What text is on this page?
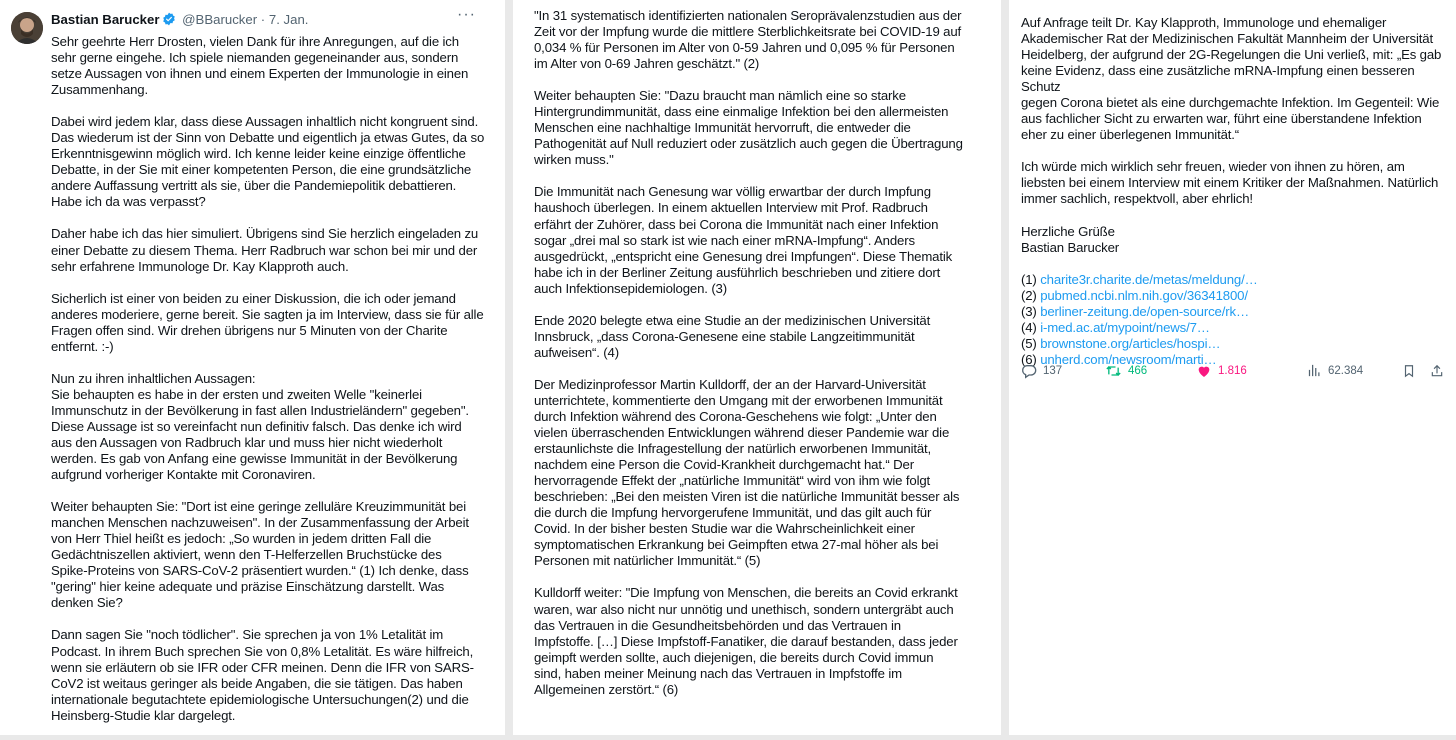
Bastian Barucker @BBarucker · 7. Jan.	···

Sehr geehrte Herr Drosten, vielen Dank für ihre Anregungen, auf die ich
sehr gerne eingehe. Ich spiele niemanden gegeneinander aus, sondern
setze Aussagen von ihnen und einem Experten der Immunologie in einen
Zusammenhang.

Dabei wird jedem klar, dass diese Aussagen inhaltlich nicht kongruent sind.
Das wiederum ist der Sinn von Debatte und eigentlich ja etwas Gutes, da so
Erkenntnisgewinn möglich wird. Ich kenne leider keine einzige öffentliche
Debatte, in der Sie mit einer kompetenten Person, die eine grundsätzliche
andere Auffassung vertritt als sie, über die Pandemiepolitik debattieren.
Habe ich da was verpasst?

Daher habe ich das hier simuliert. Übrigens sind Sie herzlich eingeladen zu
einer Debatte zu diesem Thema. Herr Radbruch war schon bei mir und der
sehr erfahrene Immunologe Dr. Kay Klapproth auch.

Sicherlich ist einer von beiden zu einer Diskussion, die ich oder jemand
anderes moderiere, gerne bereit. Sie sagten ja im Interview, dass sie für alle
Fragen offen sind. Wir drehen übrigens nur 5 Minuten von der Charite
entfernt. :-)

Nun zu ihren inhaltlichen Aussagen:
Sie behaupten es habe in der ersten und zweiten Welle "keinerlei
Immunschutz in der Bevölkerung in fast allen Industrieländern" gegeben".
Diese Aussage ist so vereinfacht nun definitiv falsch. Das denke ich wird
aus den Aussagen von Radbruch klar und muss hier nicht wiederholt
werden. Es gab von Anfang eine gewisse Immunität in der Bevölkerung
aufgrund vorheriger Kontakte mit Coronaviren.

Weiter behaupten Sie: "Dort ist eine geringe zelluläre Kreuzimmunität bei
manchen Menschen nachzuweisen". In der Zusammenfassung der Arbeit
von Herr Thiel heißt es jedoch: „So wurden in jedem dritten Fall die
Gedächtniszellen aktiviert, wenn den T-Helferzellen Bruchstücke des
Spike-Proteins von SARS-CoV-2 präsentiert wurden.“ (1) Ich denke, dass
"gering" hier keine adequate und präzise Einschätzung darstellt. Was
denken Sie?

Dann sagen Sie "noch tödlicher". Sie sprechen ja von 1% Letalität im
Podcast. In ihrem Buch sprechen Sie von 0,8% Letalität. Es wäre hilfreich,
wenn sie erläutern ob sie IFR oder CFR meinen. Denn die IFR von SARS-
CoV2 ist weitaus geringer als beide Angaben, die sie tätigen. Das haben
internationale begutachtete epidemiologische Untersuchungen(2) und die
Heinsberg-Studie klar dargelegt.

"In 31 systematisch identifizierten nationalen Seroprävalenzstudien aus der
Zeit vor der Impfung wurde die mittlere Sterblichkeitsrate bei COVID-19 auf
0,034 % für Personen im Alter von 0-59 Jahren und 0,095 % für Personen
im Alter von 0-69 Jahren geschätzt." (2)

Weiter behaupten Sie: "Dazu braucht man nämlich eine so starke
Hintergrundimmunität, dass eine einmalige Infektion bei den allermeisten
Menschen eine nachhaltige Immunität hervorruft, die entweder die
Pathogenität auf Null reduziert oder zusätzlich auch gegen die Übertragung
wirken muss."

Die Immunität nach Genesung war völlig erwartbar der durch Impfung
haushoch überlegen. In einem aktuellen Interview mit Prof. Radbruch
erfährt der Zuhörer, dass bei Corona die Immunität nach einer Infektion
sogar „drei mal so stark ist wie nach einer mRNA-Impfung“. Anders
ausgedrückt, „entspricht eine Genesung drei Impfungen“. Diese Thematik
habe ich in der Berliner Zeitung ausführlich beschrieben und zitiere dort
auch Infektionsepidemiologen. (3)

Ende 2020 belegte etwa eine Studie an der medizinischen Universität
Innsbruck, „dass Corona-Genesene eine stabile Langzeitimmunität
aufweisen“. (4)

Der Medizinprofessor Martin Kulldorff, der an der Harvard-Universität
unterrichtete, kommentierte den Umgang mit der erworbenen Immunität
durch Infektion während des Corona-Geschehens wie folgt: „Unter den
vielen überraschenden Entwicklungen während dieser Pandemie war die
erstaunlichste die Infragestellung der natürlich erworbenen Immunität,
nachdem eine Person die Covid-Krankheit durchgemacht hat.“ Der
hervorragende Effekt der „natürliche Immunität“ wird von ihm wie folgt
beschrieben: „Bei den meisten Viren ist die natürliche Immunität besser als
die durch die Impfung hervorgerufene Immunität, und das gilt auch für
Covid. In der bisher besten Studie war die Wahrscheinlichkeit einer
symptomatischen Erkrankung bei Geimpften etwa 27-mal höher als bei
Personen mit natürlicher Immunität.“ (5)

Kulldorff weiter: "Die Impfung von Menschen, die bereits an Covid erkrankt
waren, war also nicht nur unnötig und unethisch, sondern untergräbt auch
das Vertrauen in die Gesundheitsbehörden und das Vertrauen in
Impfstoffe. […] Diese Impfstoff-Fanatiker, die darauf bestanden, dass jeder
geimpft werden sollte, auch diejenigen, die bereits durch Covid immun
sind, haben meiner Meinung nach das Vertrauen in Impfstoffe im
Allgemeinen zerstört.“ (6)

Auf Anfrage teilt Dr. Kay Klapproth, Immunologe und ehemaliger
Akademischer Rat der Medizinischen Fakultät Mannheim der Universität
Heidelberg, der aufgrund der 2G-Regelungen die Uni verließ, mit: „Es gab
keine Evidenz, dass eine zusätzliche mRNA-Impfung einen besseren Schutz
gegen Corona bietet als eine durchgemachte Infektion. Im Gegenteil: Wie
aus fachlicher Sicht zu erwarten war, führt eine überstandene Infektion
eher zu einer überlegenen Immunität.“

Ich würde mich wirklich sehr freuen, wieder von ihnen zu hören, am
liebsten bei einem Interview mit einem Kritiker der Maßnahmen. Natürlich
immer sachlich, respektvoll, aber ehrlich!

Herzliche Grüße
Bastian Barucker

(1) charite3r.charite.de/metas/meldung/…
(2) pubmed.ncbi.nlm.nih.gov/36341800/
(3) berliner-zeitung.de/open-source/rk…
(4) i-med.ac.at/mypoint/news/7…
(5) brownstone.org/articles/hospi…
(6) unherd.com/newsroom/marti…
137	466	1.816	62.384
